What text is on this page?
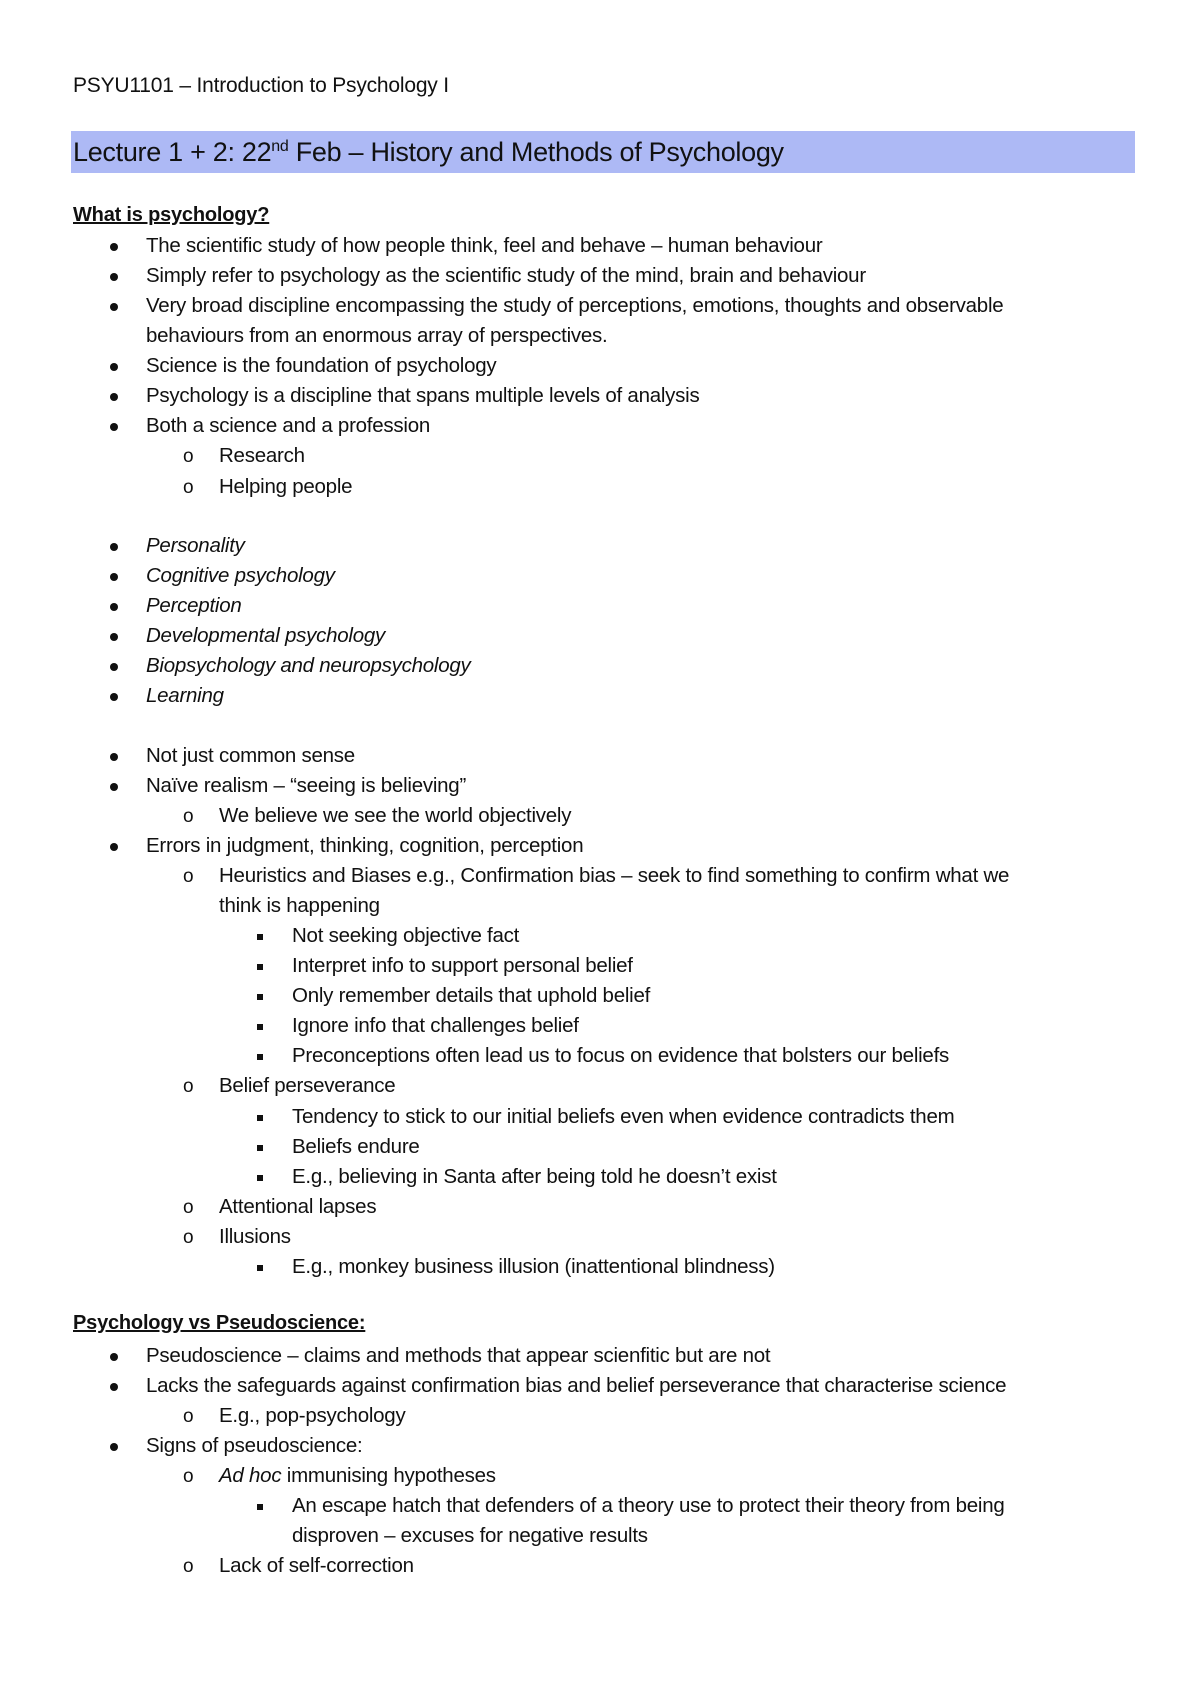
PSYU1101 – Introduction to Psychology I
Lecture 1 + 2: 22nd Feb – History and Methods of Psychology
What is psychology?
The scientific study of how people think, feel and behave – human behaviour
Simply refer to psychology as the scientific study of the mind, brain and behaviour
Very broad discipline encompassing the study of perceptions, emotions, thoughts and observable
behaviours from an enormous array of perspectives.
Science is the foundation of psychology
Psychology is a discipline that spans multiple levels of analysis
Both a science and a profession
o Research
o Helping people
Personality
Cognitive psychology
Perception
Developmental psychology
Biopsychology and neuropsychology
Learning
Not just common sense
Naïve realism – “seeing is believing”
o We believe we see the world objectively
Errors in judgment, thinking, cognition, perception
o Heuristics and Biases e.g., Confirmation bias – seek to find something to confirm what we
think is happening
Not seeking objective fact
Interpret info to support personal belief
Only remember details that uphold belief
Ignore info that challenges belief
Preconceptions often lead us to focus on evidence that bolsters our beliefs
o Belief perseverance
Tendency to stick to our initial beliefs even when evidence contradicts them
Beliefs endure
E.g., believing in Santa after being told he doesn’t exist
o Attentional lapses
o Illusions
E.g., monkey business illusion (inattentional blindness)
Psychology vs Pseudoscience:
Pseudoscience – claims and methods that appear scienfitic but are not
Lacks the safeguards against confirmation bias and belief perseverance that characterise science
o E.g., pop-psychology
Signs of pseudoscience:
o Ad hoc immunising hypotheses
An escape hatch that defenders of a theory use to protect their theory from being
disproven – excuses for negative results
o Lack of self-correction
